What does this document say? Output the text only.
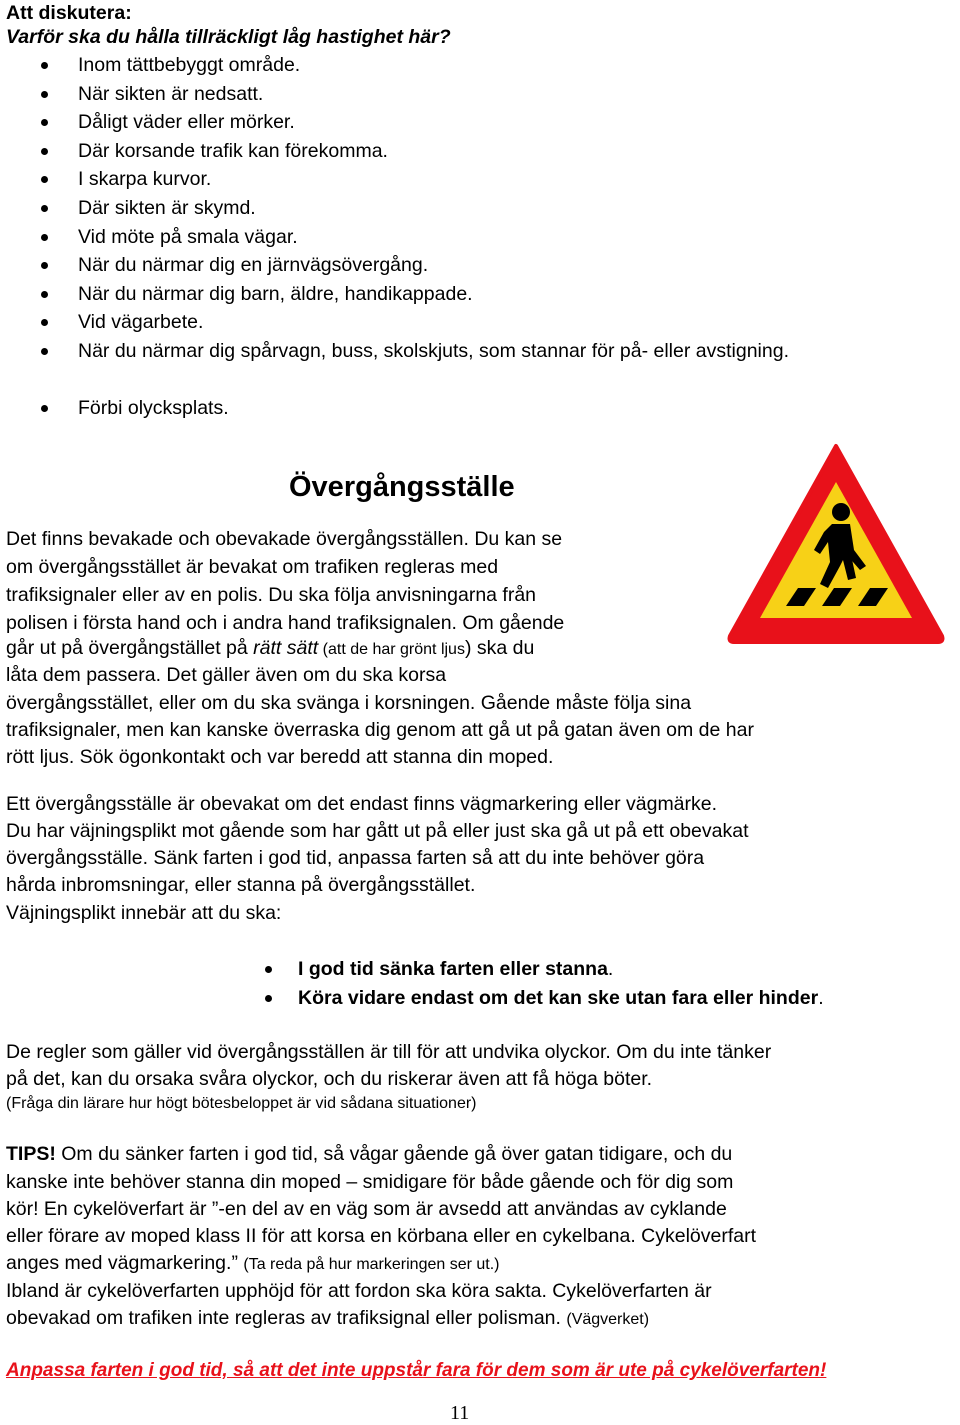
Att diskutera:
Varför ska du hålla tillräckligt låg hastighet här?
Inom tättbebyggt område.
När sikten är nedsatt.
Dåligt väder eller mörker.
Där korsande trafik kan förekomma.
I skarpa kurvor.
Där sikten är skymd.
Vid möte på smala vägar.
När du närmar dig en järnvägsövergång.
När du närmar dig barn, äldre, handikappade.
Vid vägarbete.
När du närmar dig spårvagn, buss, skolskjuts, som stannar för på- eller avstigning.
Förbi olycksplats.
Övergångsställe
Det finns bevakade och obevakade övergångsställen. Du kan se
om övergångsstället är bevakat om trafiken regleras med
trafiksignaler eller av en polis. Du ska följa anvisningarna från
polisen i första hand och i andra hand trafiksignalen. Om gående
går ut på övergångstället på rätt sätt (att de har grönt ljus) ska du
låta dem passera. Det gäller även om du ska korsa
övergångsstället, eller om du ska svänga i korsningen. Gående måste följa sina
trafiksignaler, men kan kanske överraska dig genom att gå ut på gatan även om de har
rött ljus. Sök ögonkontakt och var beredd att stanna din moped.
Ett övergångsställe är obevakat om det endast finns vägmarkering eller vägmärke.
Du har väjningsplikt mot gående som har gått ut på eller just ska gå ut på ett obevakat
övergångsställe. Sänk farten i god tid, anpassa farten så att du inte behöver göra
hårda inbromsningar, eller stanna på övergångsstället.
Väjningsplikt innebär att du ska:
I god tid sänka farten eller stanna.
Köra vidare endast om det kan ske utan fara eller hinder.
De regler som gäller vid övergångsställen är till för att undvika olyckor. Om du inte tänker
på det, kan du orsaka svåra olyckor, och du riskerar även att få höga böter.
(Fråga din lärare hur högt bötesbeloppet är vid sådana situationer)
TIPS! Om du sänker farten i god tid, så vågar gående gå över gatan tidigare, och du
kanske inte behöver stanna din moped – smidigare för både gående och för dig som
kör! En cykelöverfart är ”-en del av en väg som är avsedd att användas av cyklande
eller förare av moped klass II för att korsa en körbana eller en cykelbana. Cykelöverfart
anges med vägmarkering.” (Ta reda på hur markeringen ser ut.)
Ibland är cykelöverfarten upphöjd för att fordon ska köra sakta. Cykelöverfarten är
obevakad om trafiken inte regleras av trafiksignal eller polisman. (Vägverket)
Anpassa farten i god tid, så att det inte uppstår fara för dem som är ute på cykelöverfarten!
11
